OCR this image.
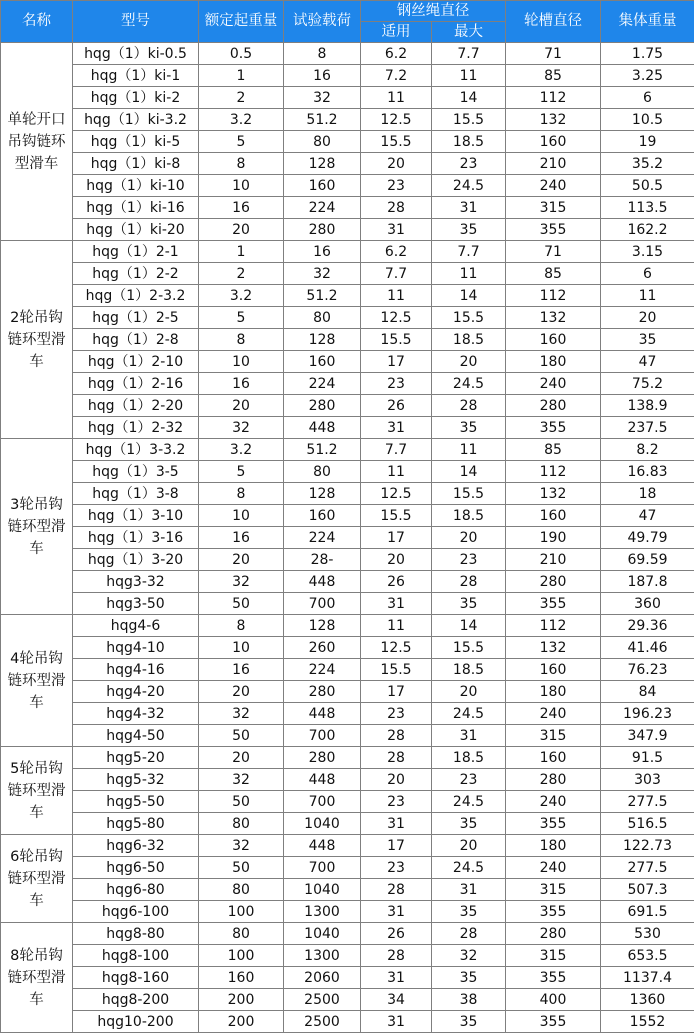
名称	型号	额定起重量	试验载荷	钢丝绳直径		轮槽直径	集体重量
				适用	最大		
单轮开口吊钩链环型滑车	hqg（1）ki-0.5	0.5	8	6.2	7.7	71	1.75
	hqg（1）ki-1	1	16	7.2	11	85	3.25
	hqg（1）ki-2	2	32	11	14	112	6
	hqg（1）ki-3.2	3.2	51.2	12.5	15.5	132	10.5
	hqg（1）ki-5	5	80	15.5	18.5	160	19
	hqg（1）ki-8	8	128	20	23	210	35.2
	hqg（1）ki-10	10	160	23	24.5	240	50.5
	hqg（1）ki-16	16	224	28	31	315	113.5
	hqg（1）ki-20	20	280	31	35	355	162.2
2轮吊钩链环型滑车	hqg（1）2-1	1	16	6.2	7.7	71	3.15
	hqg（1）2-2	2	32	7.7	11	85	6
	hqg（1）2-3.2	3.2	51.2	11	14	112	11
	hqg（1）2-5	5	80	12.5	15.5	132	20
	hqg（1）2-8	8	128	15.5	18.5	160	35
	hqg（1）2-10	10	160	17	20	180	47
	hqg（1）2-16	16	224	23	24.5	240	75.2
	hqg（1）2-20	20	280	26	28	280	138.9
	hqg（1）2-32	32	448	31	35	355	237.5
3轮吊钩链环型滑车	hqg（1）3-3.2	3.2	51.2	7.7	11	85	8.2
	hqg（1）3-5	5	80	11	14	112	16.83
	hqg（1）3-8	8	128	12.5	15.5	132	18
	hqg（1）3-10	10	160	15.5	18.5	160	47
	hqg（1）3-16	16	224	17	20	190	49.79
	hqg（1）3-20	20	28-	20	23	210	69.59
	hqg3-32	32	448	26	28	280	187.8
	hqg3-50	50	700	31	35	355	360
4轮吊钩链环型滑车	hqg4-6	8	128	11	14	112	29.36
	hqg4-10	10	260	12.5	15.5	132	41.46
	hqg4-16	16	224	15.5	18.5	160	76.23
	hqg4-20	20	280	17	20	180	84
	hqg4-32	32	448	23	24.5	240	196.23
	hqg4-50	50	700	28	31	315	347.9
5轮吊钩链环型滑车	hqg5-20	20	280	28	18.5	160	91.5
	hqg5-32	32	448	20	23	280	303
	hqg5-50	50	700	23	24.5	240	277.5
	hqg5-80	80	1040	31	35	355	516.5
6轮吊钩链环型滑车	hqg6-32	32	448	17	20	180	122.73
	hqg6-50	50	700	23	24.5	240	277.5
	hqg6-80	80	1040	28	31	315	507.3
	hqg6-100	100	1300	31	35	355	691.5
8轮吊钩链环型滑车	hqg8-80	80	1040	26	28	280	530
	hqg8-100	100	1300	28	32	315	653.5
	hqg8-160	160	2060	31	35	355	1137.4
	hqg8-200	200	2500	34	38	400	1360
	hqg10-200	200	2500	31	35	355	1552
